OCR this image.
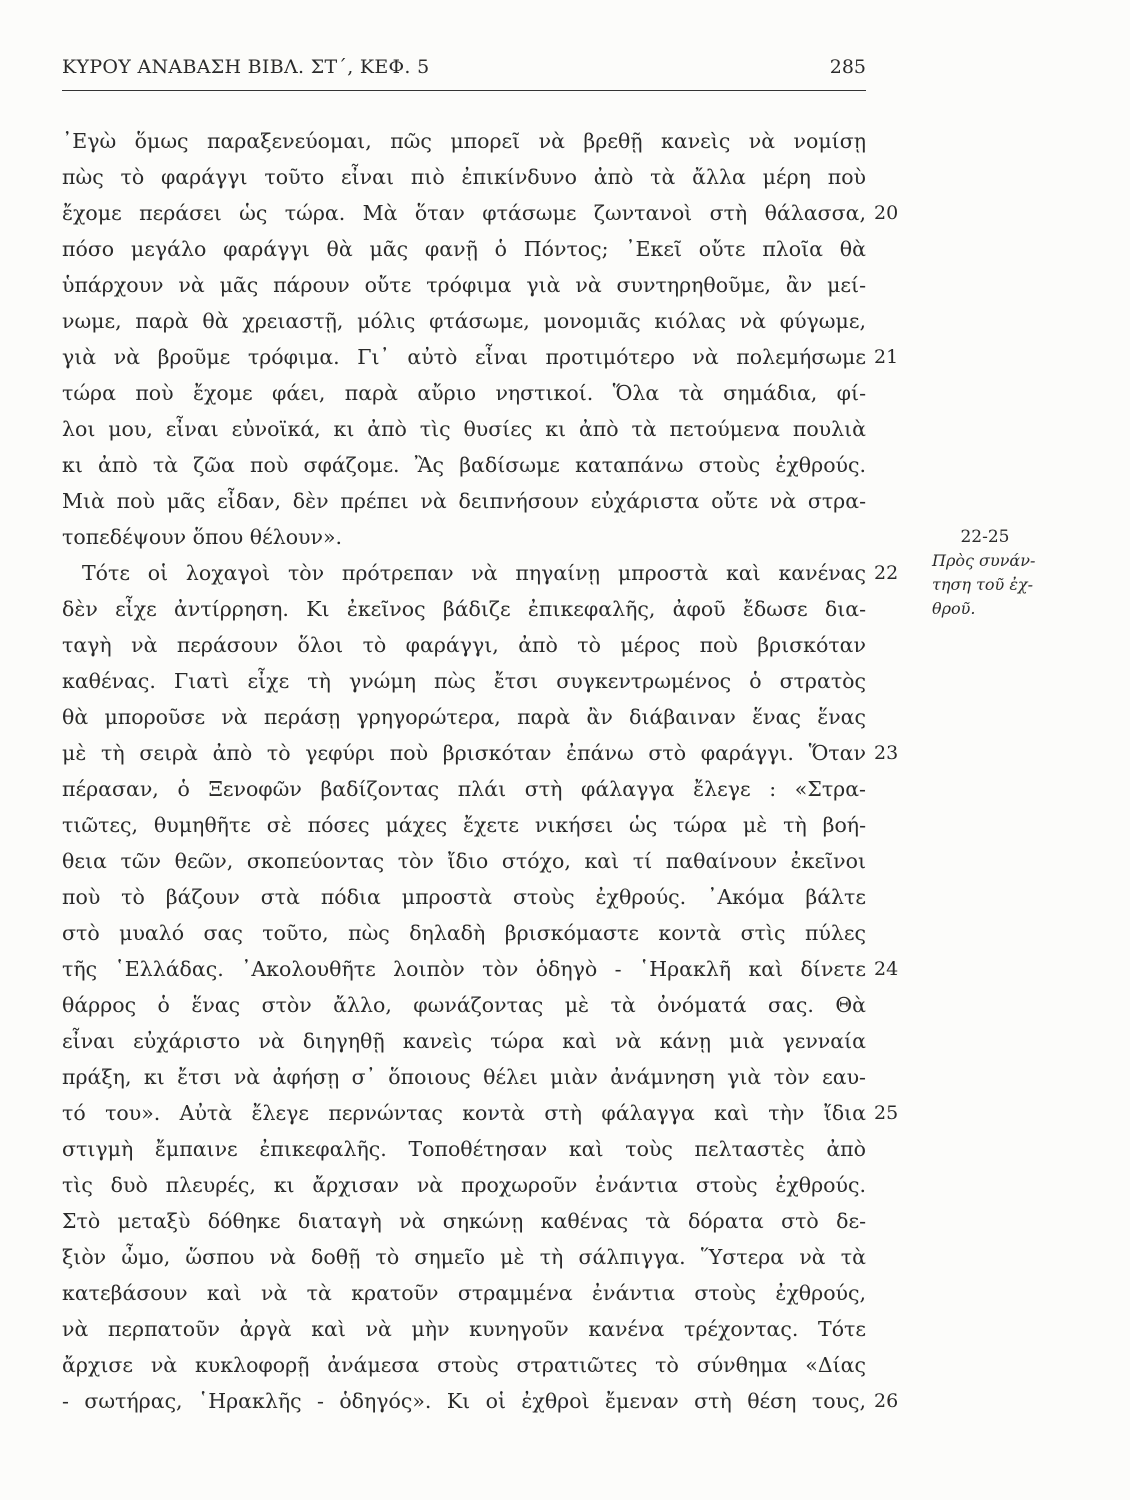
ΚΥΡΟΥ ΑΝΑΒΑΣΗ ΒΙΒΛ. ΣΤ΄, ΚΕΦ. 5	285
᾿Εγὼ ὅμως παραξενεύομαι, πῶς μπορεῖ νὰ βρεθῇ κανεὶς νὰ νομίσῃ
πὼς τὸ φαράγγι τοῦτο εἶναι πιὸ ἐπικίνδυνο ἀπὸ τὰ ἄλλα μέρη ποὺ
ἔχομε περάσει ὡς τώρα. Μὰ ὅταν φτάσωμε ζωντανοὶ στὴ θάλασσα,
πόσο μεγάλο φαράγγι θὰ μᾶς φανῇ ὁ Πόντος; ᾿Εκεῖ οὔτε πλοῖα θὰ
ὑπάρχουν νὰ μᾶς πάρουν οὔτε τρόφιμα γιὰ νὰ συντηρηθοῦμε, ἂν μεί-
νωμε, παρὰ θὰ χρειαστῇ, μόλις φτάσωμε, μονομιᾶς κιόλας νὰ φύγωμε,
γιὰ νὰ βροῦμε τρόφιμα. Γι᾿ αὐτὸ εἶναι προτιμότερο νὰ πολεμήσωμε
τώρα ποὺ ἔχομε φάει, παρὰ αὔριο νηστικοί. Ὅλα τὰ σημάδια, φί-
λοι μου, εἶναι εὐνοϊκά, κι ἀπὸ τὶς θυσίες κι ἀπὸ τὰ πετούμενα πουλιὰ
κι ἀπὸ τὰ ζῶα ποὺ σφάζομε. Ἂς βαδίσωμε καταπάνω στοὺς ἐχθρούς.
Μιὰ ποὺ μᾶς εἶδαν, δὲν πρέπει νὰ δειπνήσουν εὐχάριστα οὔτε νὰ στρα-
τοπεδέψουν ὅπου θέλουν».
Τότε οἱ λοχαγοὶ τὸν πρότρεπαν νὰ πηγαίνῃ μπροστὰ καὶ κανένας
δὲν εἶχε ἀντίρρηση. Κι ἐκεῖνος βάδιζε ἐπικεφαλῆς, ἀφοῦ ἔδωσε δια-
ταγὴ νὰ περάσουν ὅλοι τὸ φαράγγι, ἀπὸ τὸ μέρος ποὺ βρισκόταν
καθένας. Γιατὶ εἶχε τὴ γνώμη πὼς ἔτσι συγκεντρωμένος ὁ στρατὸς
θὰ μποροῦσε νὰ περάσῃ γρηγορώτερα, παρὰ ἂν διάβαιναν ἕνας ἕνας
μὲ τὴ σειρὰ ἀπὸ τὸ γεφύρι ποὺ βρισκόταν ἐπάνω στὸ φαράγγι. Ὅταν
πέρασαν, ὁ Ξενοφῶν βαδίζοντας πλάι στὴ φάλαγγα ἔλεγε : «Στρα-
τιῶτες, θυμηθῆτε σὲ πόσες μάχες ἔχετε νικήσει ὡς τώρα μὲ τὴ βοή-
θεια τῶν θεῶν, σκοπεύοντας τὸν ἴδιο στόχο, καὶ τί παθαίνουν ἐκεῖνοι
ποὺ τὸ βάζουν στὰ πόδια μπροστὰ στοὺς ἐχθρούς. ᾿Ακόμα βάλτε
στὸ μυαλό σας τοῦτο, πὼς δηλαδὴ βρισκόμαστε κοντὰ στὶς πύλες
τῆς ῾Ελλάδας. ᾿Ακολουθῆτε λοιπὸν τὸν ὁδηγὸ - ῾Ηρακλῆ καὶ δίνετε
θάρρος ὁ ἕνας στὸν ἄλλο, φωνάζοντας μὲ τὰ ὀνόματά σας. Θὰ
εἶναι εὐχάριστο νὰ διηγηθῇ κανεὶς τώρα καὶ νὰ κάνῃ μιὰ γενναία
πράξη, κι ἔτσι νὰ ἀφήσῃ σ᾿ ὅποιους θέλει μιὰν ἀνάμνηση γιὰ τὸν εαυ-
τό του». Αὐτὰ ἔλεγε περνώντας κοντὰ στὴ φάλαγγα καὶ τὴν ἴδια
στιγμὴ ἔμπαινε ἐπικεφαλῆς. Τοποθέτησαν καὶ τοὺς πελταστὲς ἀπὸ
τὶς δυὸ πλευρές, κι ἄρχισαν νὰ προχωροῦν ἐνάντια στοὺς ἐχθρούς.
Στὸ μεταξὺ δόθηκε διαταγὴ νὰ σηκώνῃ καθένας τὰ δόρατα στὸ δε-
ξιὸν ὦμο, ὥσπου νὰ δοθῇ τὸ σημεῖο μὲ τὴ σάλπιγγα. Ὕστερα νὰ τὰ
κατεβάσουν καὶ νὰ τὰ κρατοῦν στραμμένα ἐνάντια στοὺς ἐχθρούς,
νὰ περπατοῦν ἀργὰ καὶ νὰ μὴν κυνηγοῦν κανένα τρέχοντας. Τότε
ἄρχισε νὰ κυκλοφορῇ ἀνάμεσα στοὺς στρατιῶτες τὸ σύνθημα «Δίας
- σωτήρας, ῾Ηρακλῆς - ὁδηγός». Κι οἱ ἐχθροὶ ἔμεναν στὴ θέση τους,
20
21
22
23
24
25
26
22-25
Πρὸς συνάν-
τηση τοῦ ἐχ-
θροῦ.
